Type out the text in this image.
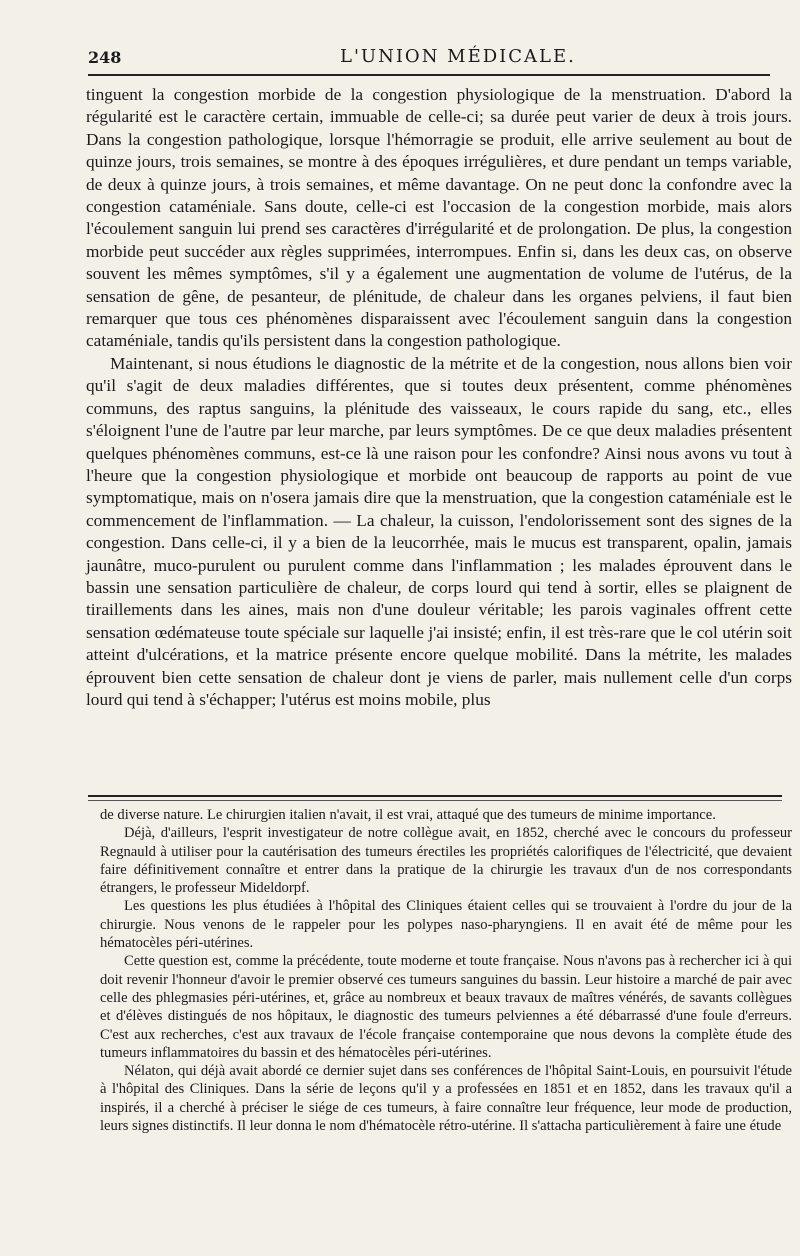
248	L'UNION MÉDICALE.

tinguent la congestion morbide de la congestion physiologique de la menstruation. D'abord la régularité est le caractère certain, immuable de celle-ci; sa durée peut varier de deux à trois jours. Dans la congestion pathologique, lorsque l'hémorragie se produit, elle arrive seulement au bout de quinze jours, trois semaines, se montre à des époques irrégulières, et dure pendant un temps variable, de deux à quinze jours, à trois semaines, et même davantage. On ne peut donc la confondre avec la congestion cataméniale. Sans doute, celle-ci est l'occasion de la congestion morbide, mais alors l'écoulement sanguin lui prend ses caractères d'irrégularité et de prolongation. De plus, la congestion morbide peut succéder aux règles supprimées, interrompues. Enfin si, dans les deux cas, on observe souvent les mêmes symptômes, s'il y a également une augmentation de volume de l'utérus, de la sensation de gêne, de pesanteur, de plénitude, de chaleur dans les organes pelviens, il faut bien remarquer que tous ces phénomènes disparaissent avec l'écoulement sanguin dans la congestion cataméniale, tandis qu'ils persistent dans la congestion pathologique.

Maintenant, si nous étudions le diagnostic de la métrite et de la congestion, nous allons bien voir qu'il s'agit de deux maladies différentes, que si toutes deux présentent, comme phénomènes communs, des raptus sanguins, la plénitude des vaisseaux, le cours rapide du sang, etc., elles s'éloignent l'une de l'autre par leur marche, par leurs symptômes. De ce que deux maladies présentent quelques phénomènes communs, est-ce là une raison pour les confondre? Ainsi nous avons vu tout à l'heure que la congestion physiologique et morbide ont beaucoup de rapports au point de vue symptomatique, mais on n'osera jamais dire que la menstruation, que la congestion cataméniale est le commencement de l'inflammation. — La chaleur, la cuisson, l'endolorissement sont des signes de la congestion. Dans celle-ci, il y a bien de la leucorrhée, mais le mucus est transparent, opalin, jamais jaunâtre, muco-purulent ou purulent comme dans l'inflammation ; les malades éprouvent dans le bassin une sensation particulière de chaleur, de corps lourd qui tend à sortir, elles se plaignent de tiraillements dans les aines, mais non d'une douleur véritable; les parois vaginales offrent cette sensation œdémateuse toute spéciale sur laquelle j'ai insisté; enfin, il est très-rare que le col utérin soit atteint d'ulcérations, et la matrice présente encore quelque mobilité. Dans la métrite, les malades éprouvent bien cette sensation de chaleur dont je viens de parler, mais nullement celle d'un corps lourd qui tend à s'échapper; l'utérus est moins mobile, plus

de diverse nature. Le chirurgien italien n'avait, il est vrai, attaqué que des tumeurs de minime importance.

Déjà, d'ailleurs, l'esprit investigateur de notre collègue avait, en 1852, cherché avec le concours du professeur Regnauld à utiliser pour la cautérisation des tumeurs érectiles les propriétés calorifiques de l'électricité, que devaient faire définitivement connaître et entrer dans la pratique de la chirurgie les travaux d'un de nos correspondants étrangers, le professeur Mideldorpf.

Les questions les plus étudiées à l'hôpital des Cliniques étaient celles qui se trouvaient à l'ordre du jour de la chirurgie. Nous venons de le rappeler pour les polypes naso-pharyngiens. Il en avait été de même pour les hématocèles péri-utérines.

Cette question est, comme la précédente, toute moderne et toute française. Nous n'avons pas à rechercher ici à qui doit revenir l'honneur d'avoir le premier observé ces tumeurs sanguines du bassin. Leur histoire a marché de pair avec celle des phlegmasies péri-utérines, et, grâce au nombreux et beaux travaux de maîtres vénérés, de savants collègues et d'élèves distingués de nos hôpitaux, le diagnostic des tumeurs pelviennes a été débarrassé d'une foule d'erreurs. C'est aux recherches, c'est aux travaux de l'école française contemporaine que nous devons la complète étude des tumeurs inflammatoires du bassin et des hématocèles péri-utérines.

Nélaton, qui déjà avait abordé ce dernier sujet dans ses conférences de l'hôpital Saint-Louis, en poursuivit l'étude à l'hôpital des Cliniques. Dans la série de leçons qu'il y a professées en 1851 et en 1852, dans les travaux qu'il a inspirés, il a cherché à préciser le siége de ces tumeurs, à faire connaître leur fréquence, leur mode de production, leurs signes distinctifs. Il leur donna le nom d'hématocèle rétro-utérine. Il s'attacha particulièrement à faire une étude
